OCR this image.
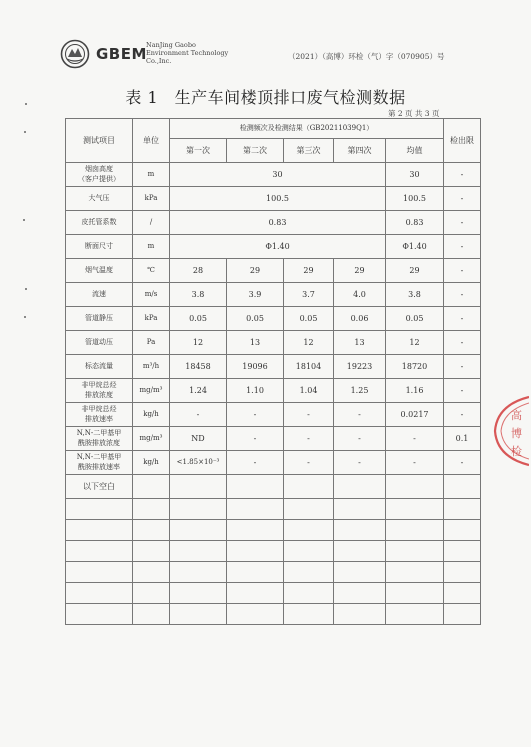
GBEM NanJing Gaobo
Environment Technology
Co.,Inc.	（2021）（高博）环检（气）字（070905）号
表 1　生产车间楼顶排口废气检测数据
第 2 页 共 3 页
测试项目	单位	检测频次及检测结果（GB20211039Q1）					检出限
		第一次	第二次	第三次	第四次	均值	
烟囱高度
（客户提供）	m	30				30	-
大气压	kPa	100.5				100.5	-
皮托管系数	/	0.83				0.83	-
断面尺寸	m	Φ1.40				Φ1.40	-
烟气温度	℃	28	29	29	29	29	-
流速	m/s	3.8	3.9	3.7	4.0	3.8	-
管道静压	kPa	0.05	0.05	0.05	0.06	0.05	-
管道动压	Pa	12	13	12	13	12	-
标态流量	m³/h	18458	19096	18104	19223	18720	-
非甲烷总烃
排放浓度	mg/m³	1.24	1.10	1.04	1.25	1.16	-
非甲烷总烃
排放速率	kg/h	-	-	-	-	0.0217	-
N,N-二甲基甲
酰胺排放浓度	mg/m³	ND	-	-	-	-	0.1
N,N-二甲基甲
酰胺排放速率	kg/h	<1.85×10⁻³	-	-	-	-	-
以下空白							

高
博
检
